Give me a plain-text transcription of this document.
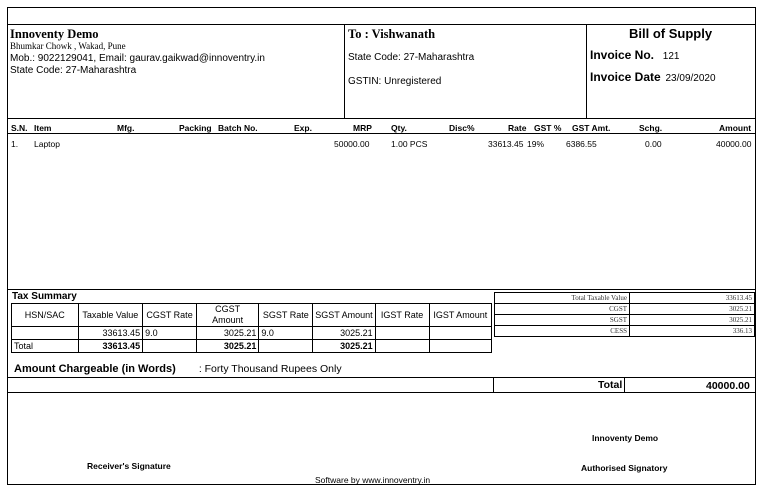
Innoventy Demo
Bhumkar Chowk , Wakad, Pune
Mob.: 9022129041, Email: gaurav.gaikwad@innoventry.in
State Code: 27-Maharashtra
To : Vishwanath
State Code: 27-Maharashtra
GSTIN: Unregistered
Bill of Supply
Invoice No. 121
Invoice Date 23/09/2020
S.N. Item	Mfg.	Packing Batch No.	Exp.	MRP Qty.	Disc%	Rate GST % GST Amt.	Schg.	Amount
1. Laptop	50000.00	1.00 PCS	33613.45 19%	6386.55	0.00	40000.00
Tax Summary
HSN/SAC	Taxable Value	CGST Rate	CGST Amount	SGST Rate	SGST Amount	IGST Rate	IGST Amount
	33613.45	9.0	3025.21	9.0	3025.21		
Total	33613.45		3025.21		3025.21		
Total Taxable Value	33613.45
CGST	3025.21
SGST	3025.21
CESS	336.13
Amount Chargeable (in Words) : Forty Thousand Rupees Only
Total	40000.00
Innoventy Demo
Receiver's Signature	Authorised Signatory
Software by www.innoventry.in
